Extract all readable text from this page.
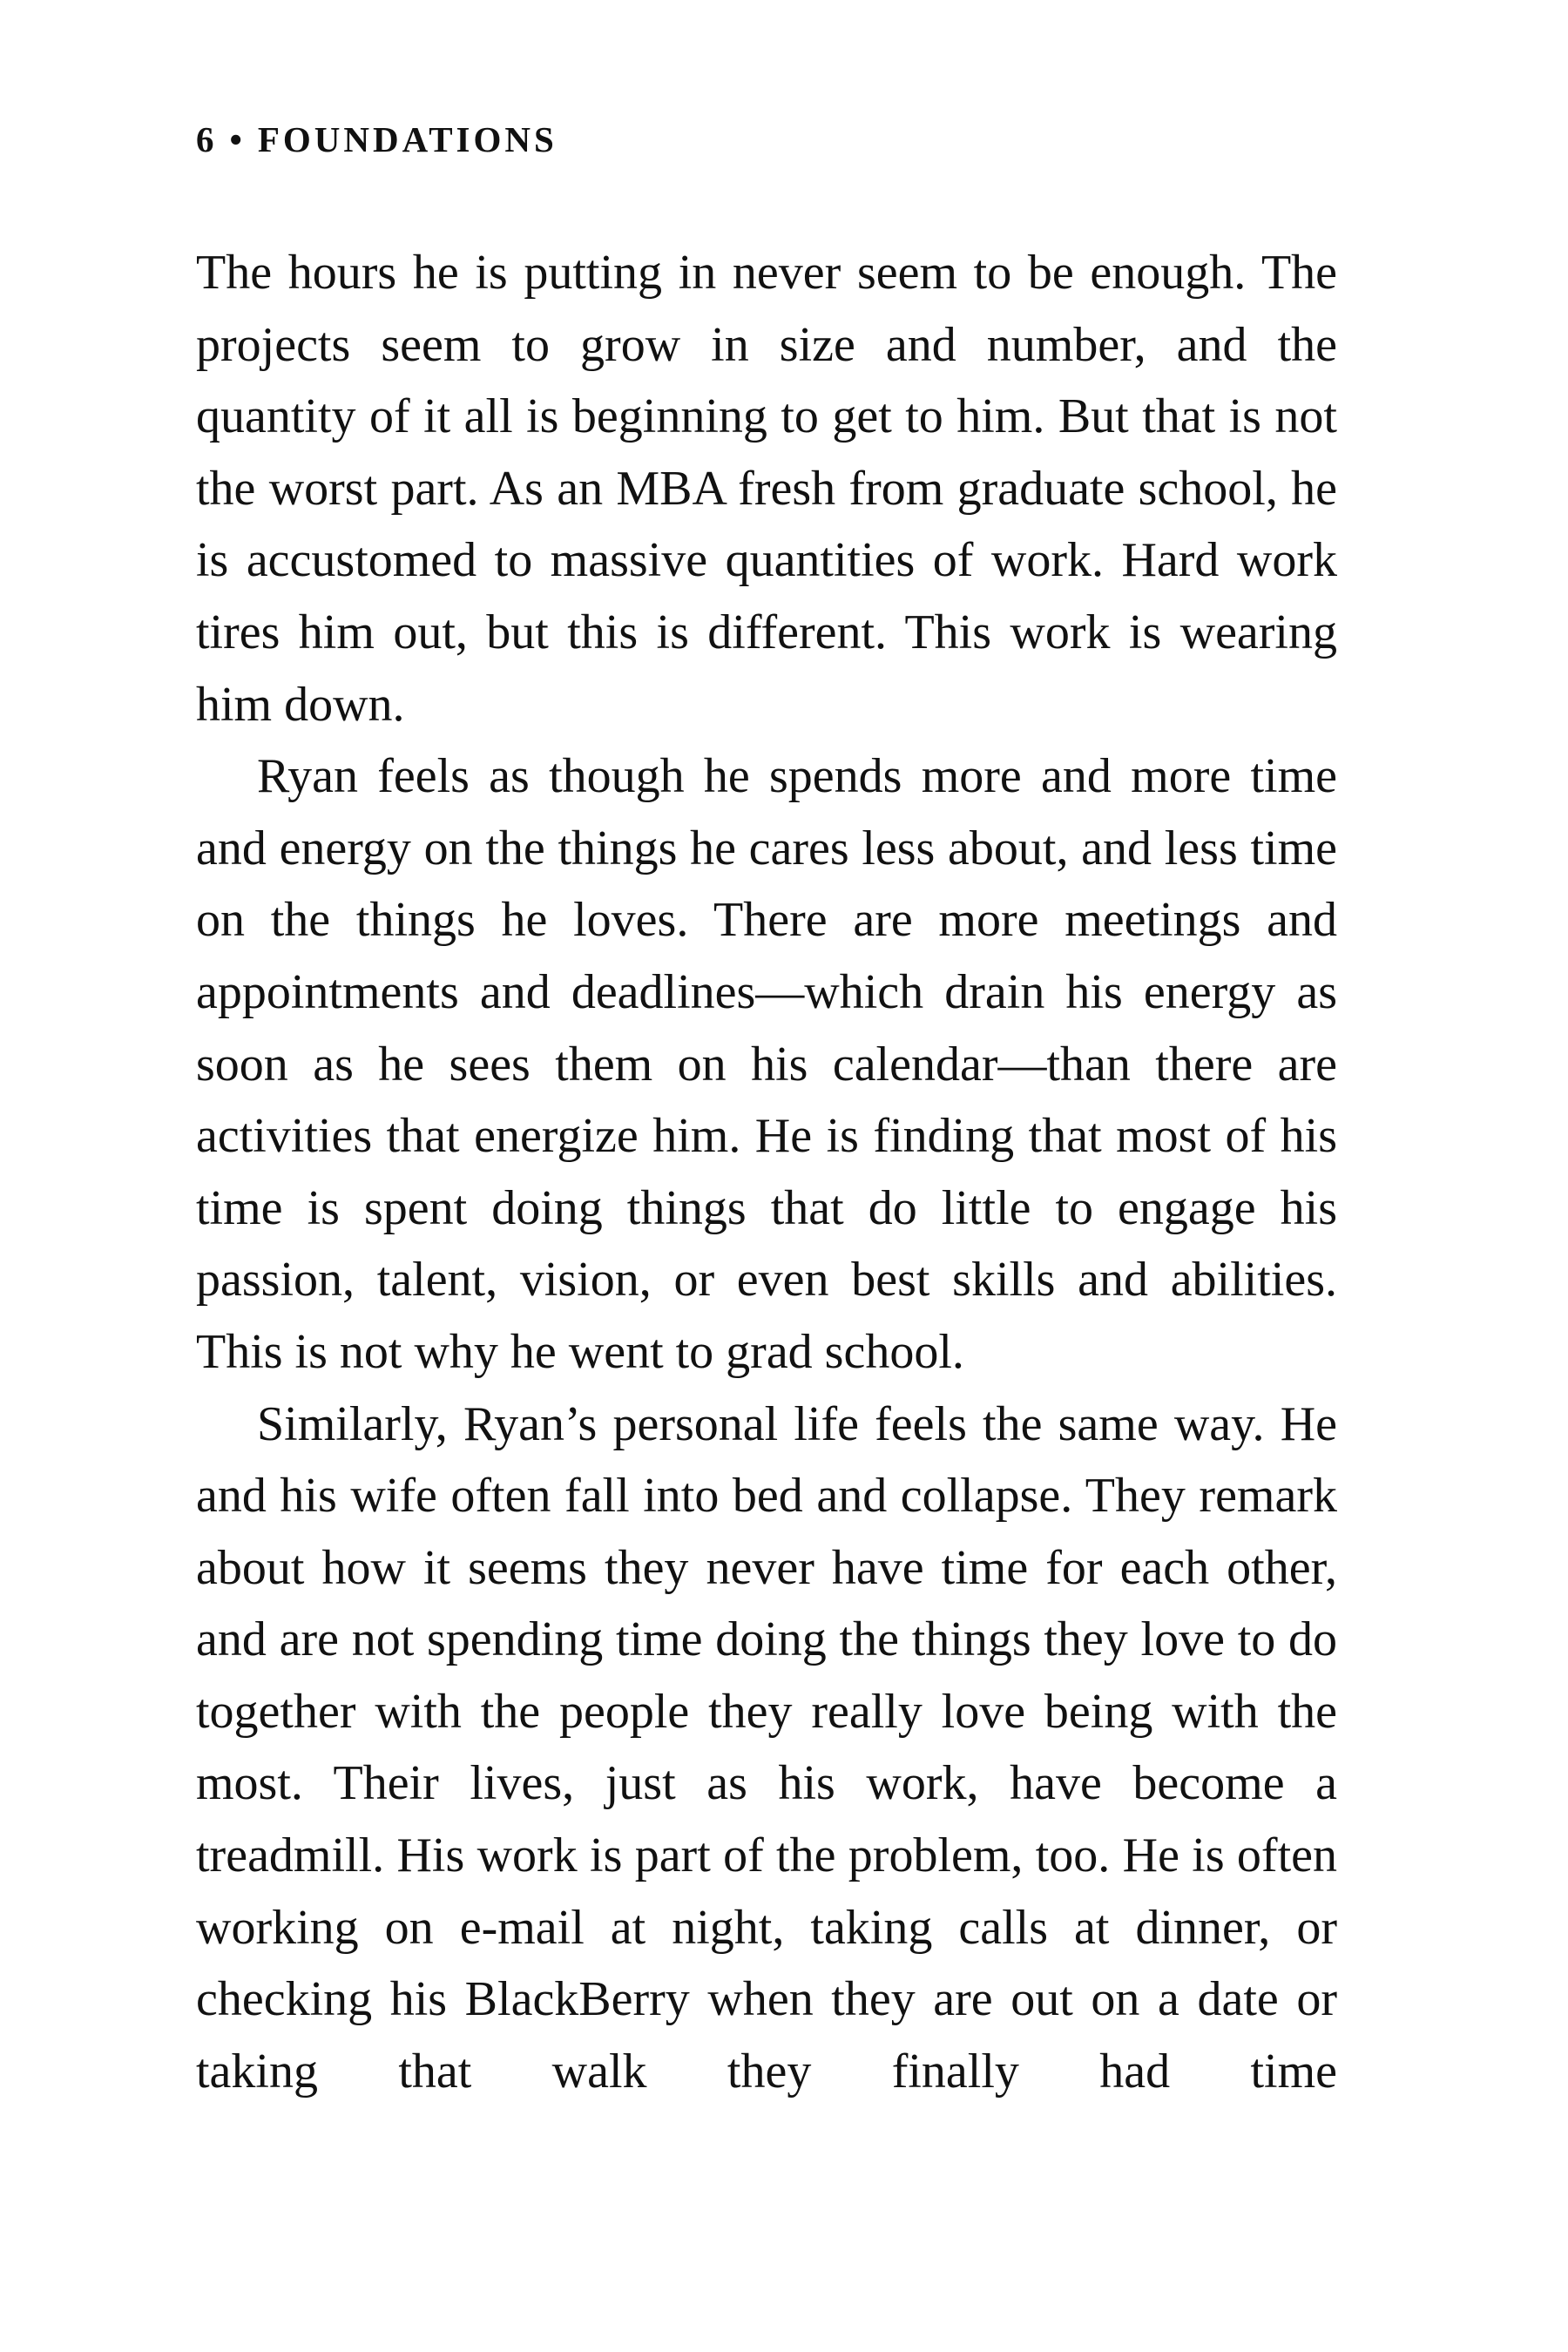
6 • FOUNDATIONS

The hours he is putting in never seem to be enough. The projects seem to grow in size and number, and the quantity of it all is beginning to get to him. But that is not the worst part. As an MBA fresh from graduate school, he is accustomed to massive quantities of work. Hard work tires him out, but this is different. This work is wearing him down.

Ryan feels as though he spends more and more time and energy on the things he cares less about, and less time on the things he loves. There are more meetings and appointments and deadlines—which drain his energy as soon as he sees them on his calendar—than there are activities that energize him. He is finding that most of his time is spent doing things that do little to engage his passion, talent, vision, or even best skills and abilities. This is not why he went to grad school.

Similarly, Ryan’s personal life feels the same way. He and his wife often fall into bed and collapse. They remark about how it seems they never have time for each other, and are not spending time doing the things they love to do together with the people they really love being with the most. Their lives, just as his work, have become a treadmill. His work is part of the problem, too. He is often working on e-mail at night, taking calls at dinner, or checking his BlackBerry when they are out on a date or taking that walk they finally had time
